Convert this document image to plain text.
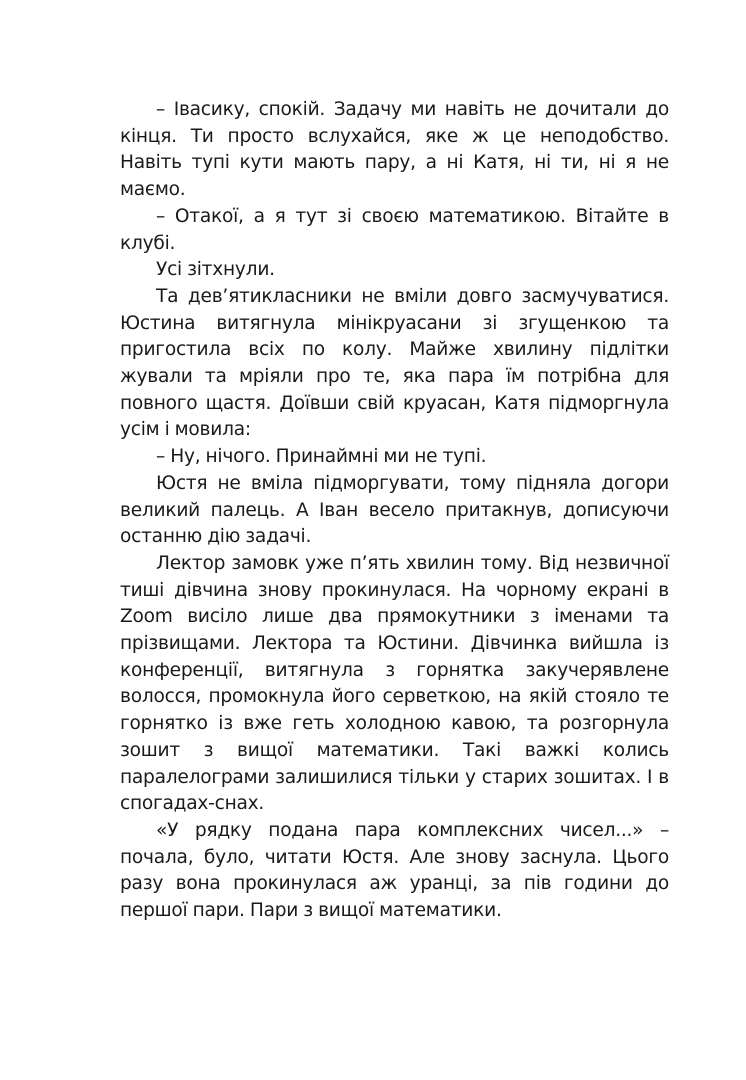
– Івасику, спокій. Задачу ми навіть не дочитали до кінця. Ти просто вслухайся, яке ж це неподобство. Навіть тупі кути мають пару, а ні Катя, ні ти, ні я не маємо.

– Отакої, а я тут зі своєю математикою. Вітайте в клубі.

Усі зітхнули.

Та дев’ятикласники не вміли довго засмучуватися. Юстина витягнула мінікруасани зі згущенкою та пригостила всіх по колу. Майже хвилину підлітки жували та мріяли про те, яка пара їм потрібна для повного щастя. Доївши свій круасан, Катя підморгнула усім і мовила:

– Ну, нічого. Принаймні ми не тупі.

Юстя не вміла підморгувати, тому підняла догори великий палець. А Іван весело притакнув, дописуючи останню дію задачі.

Лектор замовк уже п’ять хвилин тому. Від незвичної тиші дівчина знову прокинулася. На чорному екрані в Zoom висіло лише два прямокутники з іменами та прізвищами. Лектора та Юстини. Дівчинка вийшла із конференції, витягнула з горнятка закучерявлене волосся, промокнула його серветкою, на якій стояло те горнятко із вже геть холодною кавою, та розгорнула зошит з вищої математики. Такі важкі колись паралелограми залишилися тільки у старих зошитах. І в спогадах-снах.

«У рядку подана пара комплексних чисел...» – почала, було, читати Юстя. Але знову заснула. Цього разу вона прокинулася аж уранці, за пів години до першої пари. Пари з вищої математики.
